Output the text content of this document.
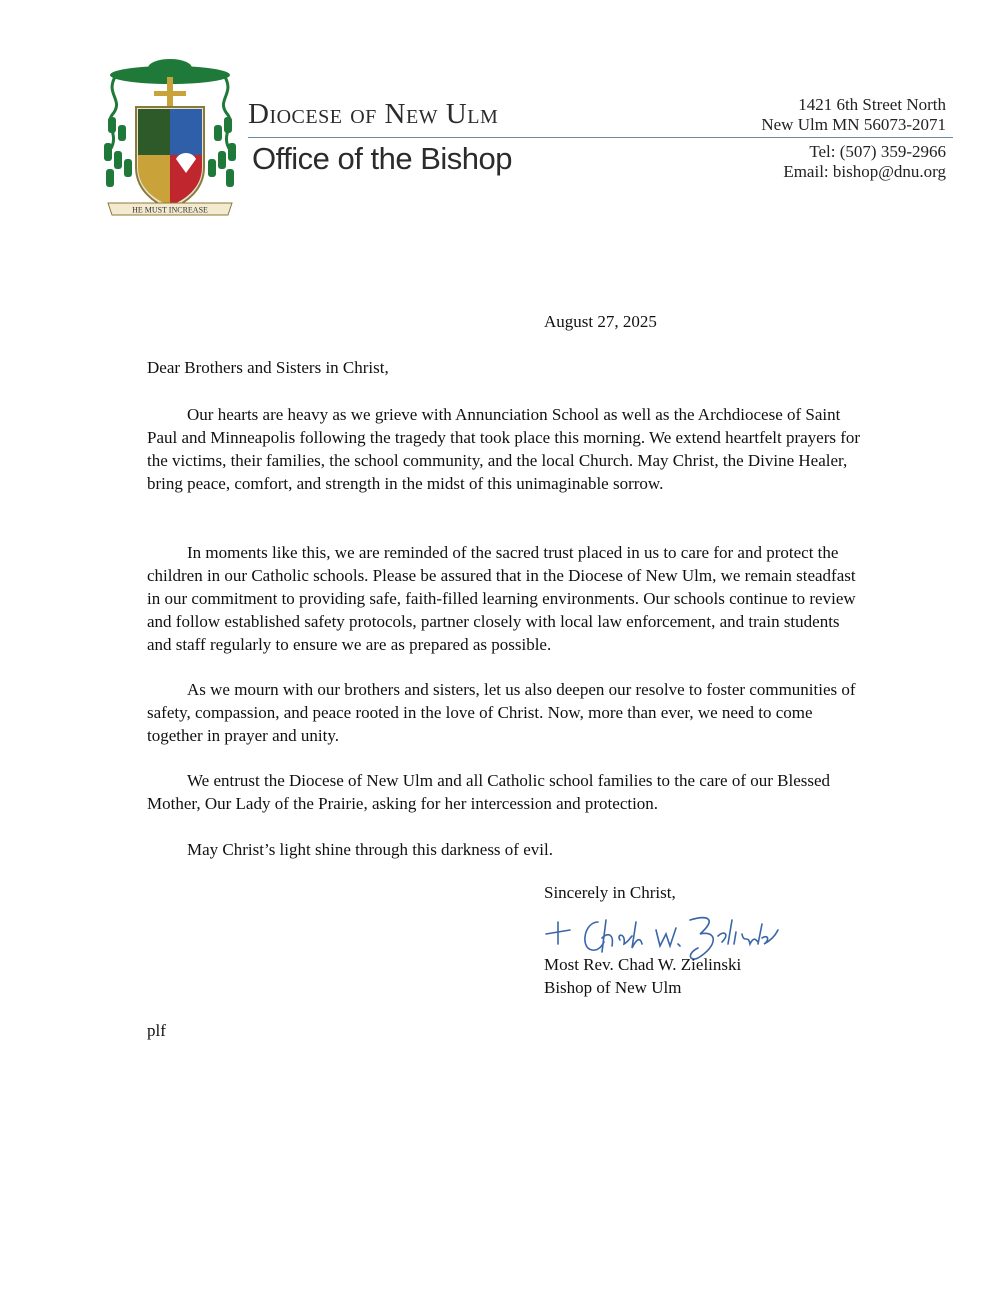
HE MUST INCREASE
Diocese of New Ulm
Office of the Bishop
1421 6th Street North
New Ulm MN 56073-2071
Tel: (507) 359-2966
Email: bishop@dnu.org
August 27, 2025
Dear Brothers and Sisters in Christ,

Our hearts are heavy as we grieve with Annunciation School as well as the Archdiocese of Saint Paul and Minneapolis following the tragedy that took place this morning. We extend heartfelt prayers for the victims, their families, the school community, and the local Church. May Christ, the Divine Healer, bring peace, comfort, and strength in the midst of this unimaginable sorrow.

In moments like this, we are reminded of the sacred trust placed in us to care for and protect the children in our Catholic schools. Please be assured that in the Diocese of New Ulm, we remain steadfast in our commitment to providing safe, faith-filled learning environments. Our schools continue to review and follow established safety protocols, partner closely with local law enforcement, and train students and staff regularly to ensure we are as prepared as possible.

As we mourn with our brothers and sisters, let us also deepen our resolve to foster communities of safety, compassion, and peace rooted in the love of Christ. Now, more than ever, we need to come together in prayer and unity.

We entrust the Diocese of New Ulm and all Catholic school families to the care of our Blessed Mother, Our Lady of the Prairie, asking for her intercession and protection.

May Christ’s light shine through this darkness of evil.

Sincerely in Christ,
Most Rev. Chad W. Zielinski
Bishop of New Ulm
plf
